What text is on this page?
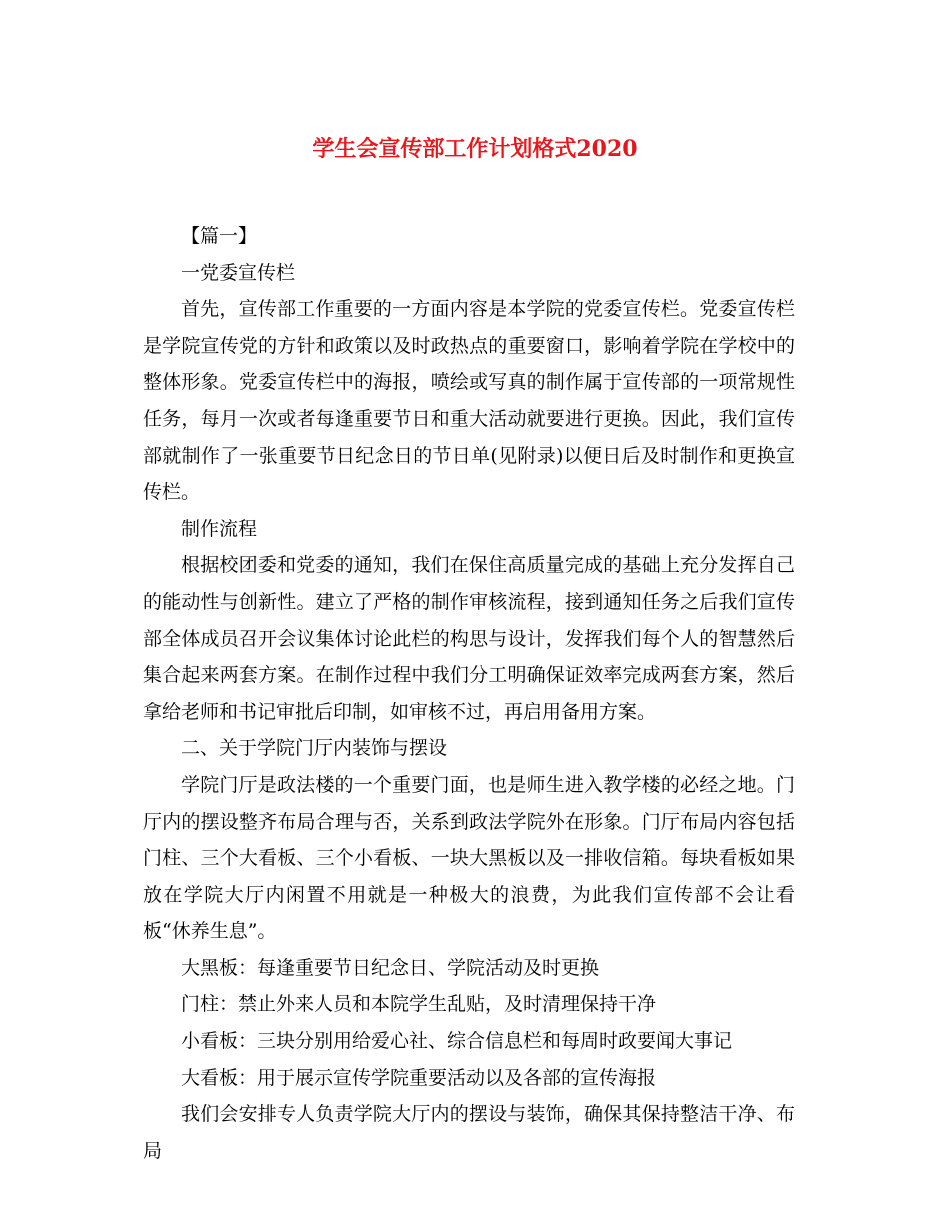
学生会宣传部工作计划格式2020

【篇一】

一党委宣传栏

首先，宣传部工作重要的一方面内容是本学院的党委宣传栏。党委宣传栏是学院宣传党的方针和政策以及时政热点的重要窗口，影响着学院在学校中的整体形象。党委宣传栏中的海报，喷绘或写真的制作属于宣传部的一项常规性任务，每月一次或者每逢重要节日和重大活动就要进行更换。因此，我们宣传部就制作了一张重要节日纪念日的节日单(见附录)以便日后及时制作和更换宣传栏。

制作流程

根据校团委和党委的通知，我们在保住高质量完成的基础上充分发挥自己的能动性与创新性。建立了严格的制作审核流程，接到通知任务之后我们宣传部全体成员召开会议集体讨论此栏的构思与设计，发挥我们每个人的智慧然后集合起来两套方案。在制作过程中我们分工明确保证效率完成两套方案，然后拿给老师和书记审批后印制，如审核不过，再启用备用方案。

二、关于学院门厅内装饰与摆设

学院门厅是政法楼的一个重要门面，也是师生进入教学楼的必经之地。门厅内的摆设整齐布局合理与否，关系到政法学院外在形象。门厅布局内容包括门柱、三个大看板、三个小看板、一块大黑板以及一排收信箱。每块看板如果放在学院大厅内闲置不用就是一种极大的浪费，为此我们宣传部不会让看板“休养生息”。

大黑板：每逢重要节日纪念日、学院活动及时更换

门柱：禁止外来人员和本院学生乱贴，及时清理保持干净

小看板：三块分别用给爱心社、综合信息栏和每周时政要闻大事记

大看板：用于展示宣传学院重要活动以及各部的宣传海报

我们会安排专人负责学院大厅内的摆设与装饰，确保其保持整洁干净、布局
